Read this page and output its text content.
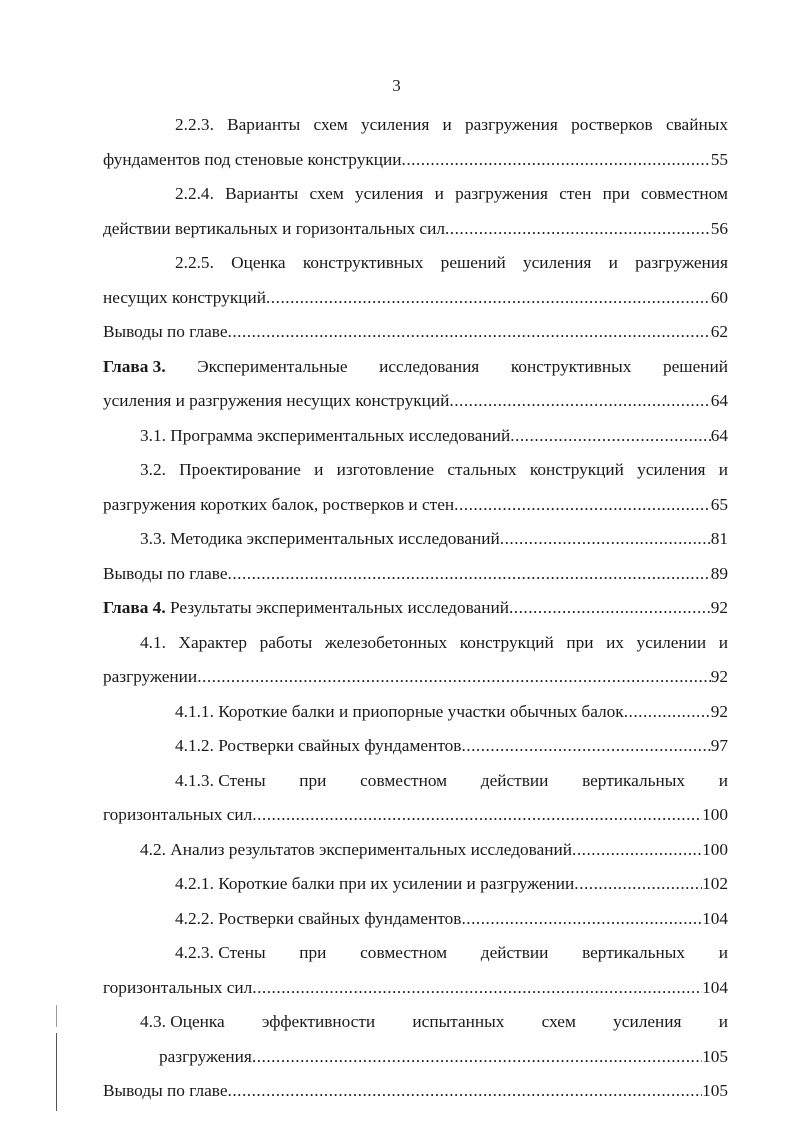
3
2.2.3. Варианты схем усиления и разгружения ростверков свайных
фундаментов под стеновые конструкции .....	55
2.2.4. Варианты схем усиления и разгружения стен при совместном
действии вертикальных и горизонтальных сил .....	56
2.2.5. Оценка конструктивных решений усиления и разгружения
несущих конструкций .....	60
Выводы по главе .....	62
Глава 3. Экспериментальные исследования конструктивных решений
усиления и разгружения несущих конструкций .....	64
3.1. Программа экспериментальных исследований .....	64
3.2. Проектирование и изготовление стальных конструкций усиления и
разгружения коротких балок, ростверков и стен .....	65
3.3. Методика экспериментальных исследований .....	81
Выводы по главе .....	89
Глава 4. Результаты экспериментальных исследований .....	92
4.1. Характер работы железобетонных конструкций при их усилении и
разгружении .....	92
4.1.1. Короткие балки и приопорные участки обычных балок .....	92
4.1.2. Ростверки свайных фундаментов .....	97
4.1.3. Стены при совместном действии вертикальных и
горизонтальных сил .....	100
4.2. Анализ результатов экспериментальных исследований .....	100
4.2.1. Короткие балки при их усилении и разгружении .....	102
4.2.2. Ростверки свайных фундаментов .....	104
4.2.3. Стены при совместном действии вертикальных и
горизонтальных сил .....	104
4.3. Оценка эффективности испытанных схем усиления и
разгружения .....	105
Выводы по главе .....	105
